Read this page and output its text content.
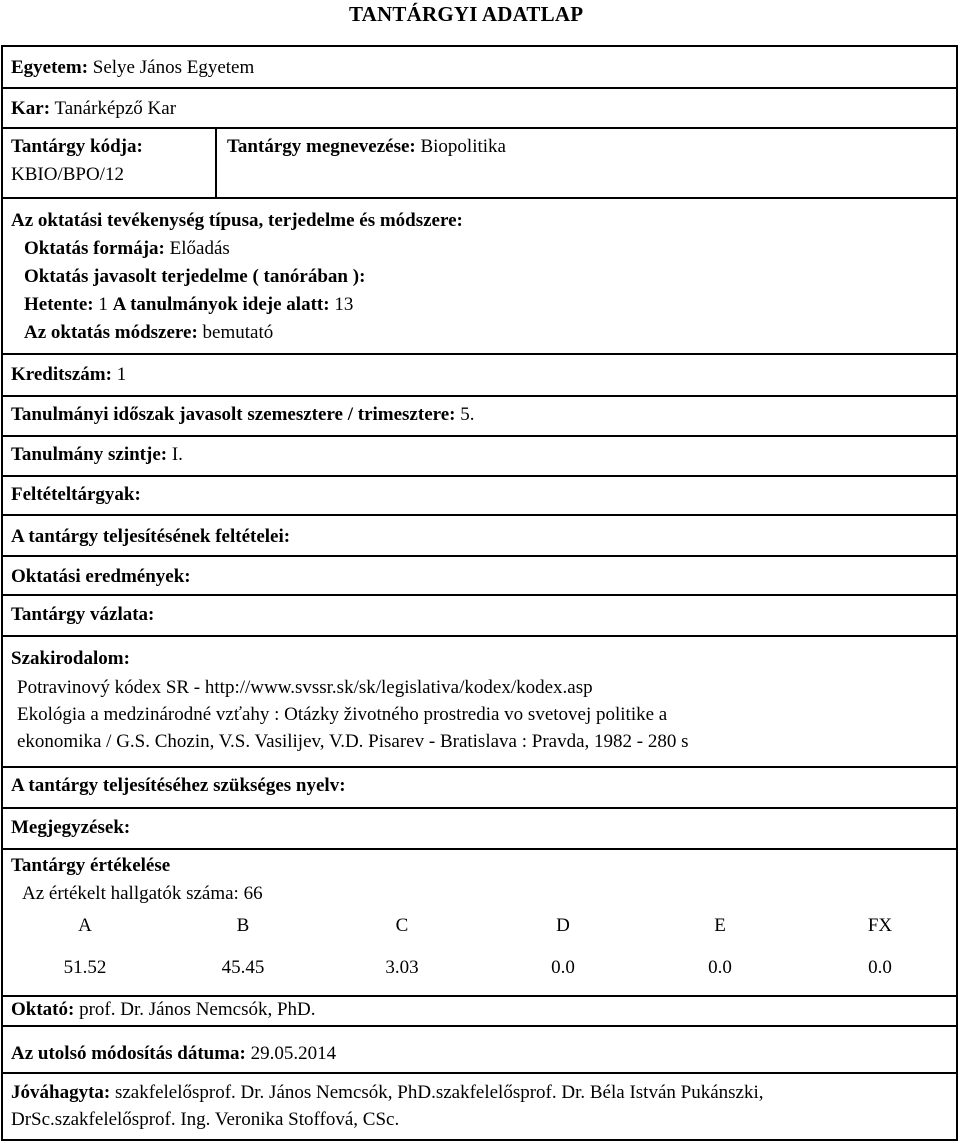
TANTÁRGYI ADATLAP
Egyetem: Selye János Egyetem
Kar: Tanárképző Kar
Tantárgy kódja:
KBIO/BPO/12
Tantárgy megnevezése: Biopolitika
Az oktatási tevékenység típusa, terjedelme és módszere:
Oktatás formája: Előadás
Oktatás javasolt terjedelme ( tanórában ):
Hetente: 1 A tanulmányok ideje alatt: 13
Az oktatás módszere: bemutató
Kreditszám: 1
Tanulmányi időszak javasolt szemesztere / trimesztere: 5.
Tanulmány szintje: I.
Feltételtárgyak:
A tantárgy teljesítésének feltételei:
Oktatási eredmények:
Tantárgy vázlata:
Szakirodalom:
Potravinový kódex SR - http://www.svssr.sk/sk/legislativa/kodex/kodex.asp
Ekológia a medzinárodné vzťahy : Otázky životného prostredia vo svetovej politike a
ekonomika / G.S. Chozin, V.S. Vasilijev, V.D. Pisarev - Bratislava : Pravda, 1982 - 280 s
A tantárgy teljesítéséhez szükséges nyelv:
Megjegyzések:
Tantárgy értékelése
Az értékelt hallgatók száma: 66
A	B	C	D	E	FX
51.52	45.45	3.03	0.0	0.0	0.0
Oktató: prof. Dr. János Nemcsók, PhD.
Az utolsó módosítás dátuma: 29.05.2014
Jóváhagyta: szakfelelősprof. Dr. János Nemcsók, PhD.szakfelelősprof. Dr. Béla István Pukánszki,
DrSc.szakfelelősprof. Ing. Veronika Stoffová, CSc.
